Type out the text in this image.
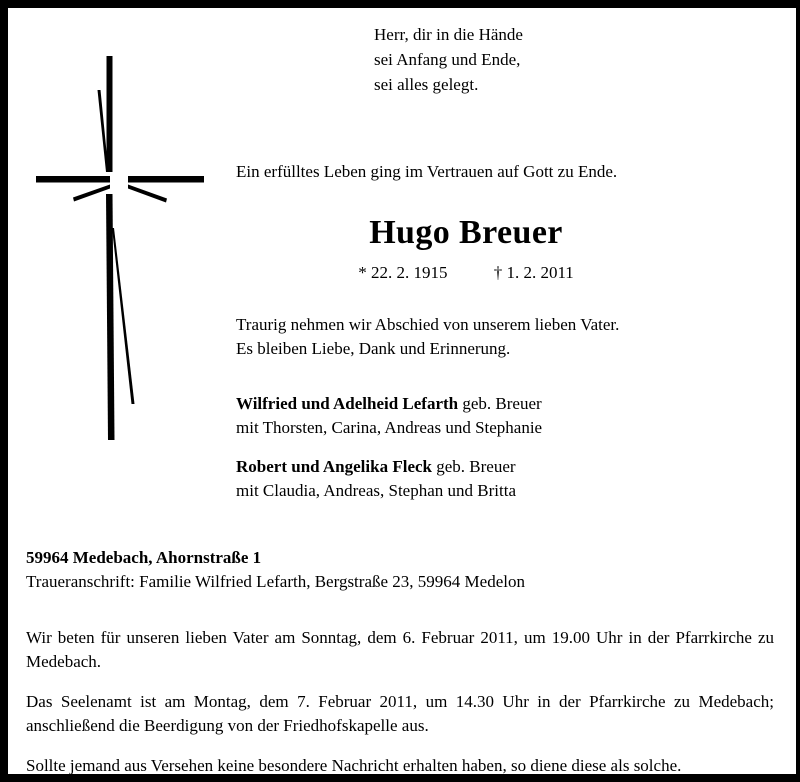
Herr, dir in die Hände
sei Anfang und Ende,
sei alles gelegt.
Ein erfülltes Leben ging im Vertrauen auf Gott zu Ende.
Hugo Breuer
* 22. 2. 1915	† 1. 2. 2011
Traurig nehmen wir Abschied von unserem lieben Vater.
Es bleiben Liebe, Dank und Erinnerung.
Wilfried und Adelheid Lefarth geb. Breuer
mit Thorsten, Carina, Andreas und Stephanie
Robert und Angelika Fleck geb. Breuer
mit Claudia, Andreas, Stephan und Britta
59964 Medebach, Ahornstraße 1
Traueranschrift: Familie Wilfried Lefarth, Bergstraße 23, 59964 Medelon

Wir beten für unseren lieben Vater am Sonntag, dem 6. Februar 2011, um 19.00 Uhr in der Pfarrkirche zu Medebach.

Das Seelenamt ist am Montag, dem 7. Februar 2011, um 14.30 Uhr in der Pfarrkirche zu Medebach; anschließend die Beerdigung von der Friedhofskapelle aus.

Sollte jemand aus Versehen keine besondere Nachricht erhalten haben, so diene diese als solche.
